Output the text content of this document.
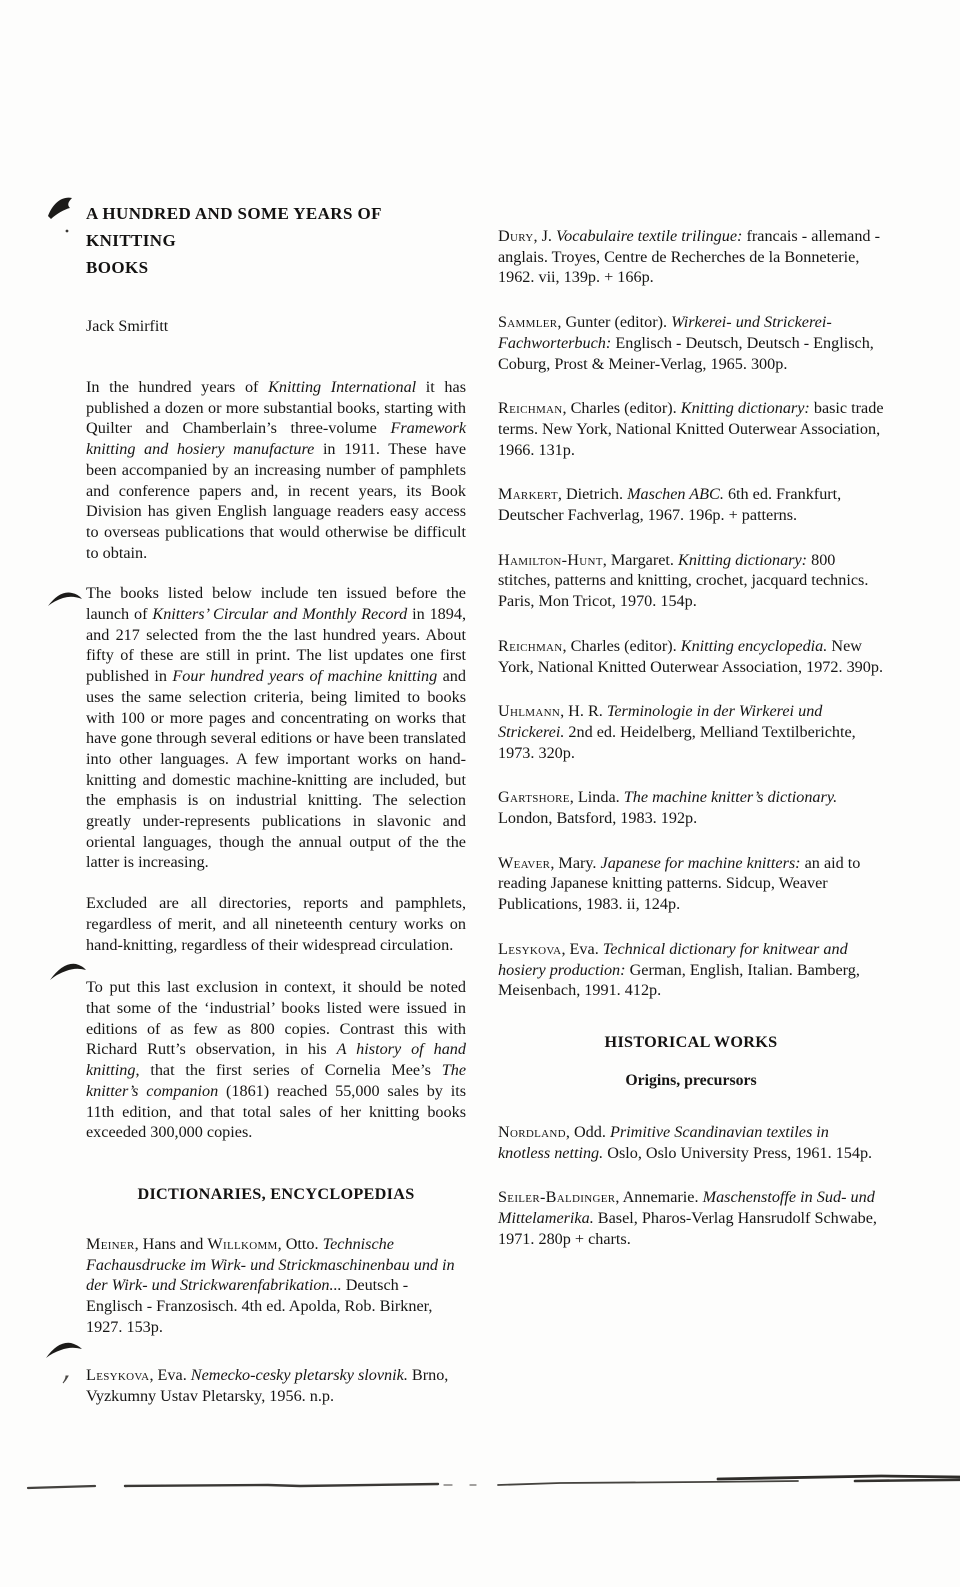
A HUNDRED AND SOME YEARS OF KNITTING
BOOKS
Jack Smirfitt

In the hundred years of Knitting International it has published a dozen or more substantial books, starting with Quilter and Chamberlain’s three-volume Framework knitting and hosiery manufacture in 1911. These have been accompanied by an increasing number of pamphlets and conference papers and, in recent years, its Book Division has given English language readers easy access to overseas publications that would otherwise be difficult to obtain.

The books listed below include ten issued before the launch of Knitters’ Circular and Monthly Record in 1894, and 217 selected from the the last hundred years. About fifty of these are still in print. The list updates one first published in Four hundred years of machine knitting and uses the same selection criteria, being limited to books with 100 or more pages and concentrating on works that have gone through several editions or have been translated into other languages. A few important works on hand-knitting and domestic machine-knitting are included, but the emphasis is on industrial knitting. The selection greatly under-represents publications in slavonic and oriental languages, though the annual output of the the latter is increasing.

Excluded are all directories, reports and pamphlets, regardless of merit, and all nineteenth century works on hand-knitting, regardless of their widespread circulation.

To put this last exclusion in context, it should be noted that some of the ‘industrial’ books listed were issued in editions of as few as 800 copies. Contrast this with Richard Rutt’s observation, in his A history of hand knitting, that the first series of Cornelia Mee’s The knitter’s companion (1861) reached 55,000 sales by its 11th edition, and that total sales of her knitting books exceeded 300,000 copies.

DICTIONARIES, ENCYCLOPEDIAS

Meiner, Hans and Willkomm, Otto. Technische Fachausdrucke im Wirk- und Strickmaschinenbau und in der Wirk- und Strickwarenfabrikation... Deutsch - Englisch - Franzosisch. 4th ed. Apolda, Rob. Birkner, 1927. 153p.

Lesykova, Eva. Nemecko-cesky pletarsky slovnik. Brno, Vyzkumny Ustav Pletarsky, 1956. n.p.

Dury, J. Vocabulaire textile trilingue: francais - allemand - anglais. Troyes, Centre de Recherches de la Bonneterie, 1962. vii, 139p. + 166p.

Sammler, Gunter (editor). Wirkerei- und Strickerei-Fachworterbuch: Englisch - Deutsch, Deutsch - Englisch, Coburg, Prost & Meiner-Verlag, 1965. 300p.

Reichman, Charles (editor). Knitting dictionary: basic trade terms. New York, National Knitted Outerwear Association, 1966. 131p.

Markert, Dietrich. Maschen ABC. 6th ed. Frankfurt, Deutscher Fachverlag, 1967. 196p. + patterns.

Hamilton-Hunt, Margaret. Knitting dictionary: 800 stitches, patterns and knitting, crochet, jacquard technics. Paris, Mon Tricot, 1970. 154p.

Reichman, Charles (editor). Knitting encyclopedia. New York, National Knitted Outerwear Association, 1972. 390p.

Uhlmann, H. R. Terminologie in der Wirkerei und Strickerei. 2nd ed. Heidelberg, Melliand Textilberichte, 1973. 320p.

Gartshore, Linda. The machine knitter’s dictionary. London, Batsford, 1983. 192p.

Weaver, Mary. Japanese for machine knitters: an aid to reading Japanese knitting patterns. Sidcup, Weaver Publications, 1983. ii, 124p.

Lesykova, Eva. Technical dictionary for knitwear and hosiery production: German, English, Italian. Bamberg, Meisenbach, 1991. 412p.

HISTORICAL WORKS
Origins, precursors

Nordland, Odd. Primitive Scandinavian textiles in knotless netting. Oslo, Oslo University Press, 1961. 154p.

Seiler-Baldinger, Annemarie. Maschenstoffe in Sud- und Mittelamerika. Basel, Pharos-Verlag Hansrudolf Schwabe, 1971. 280p + charts.
